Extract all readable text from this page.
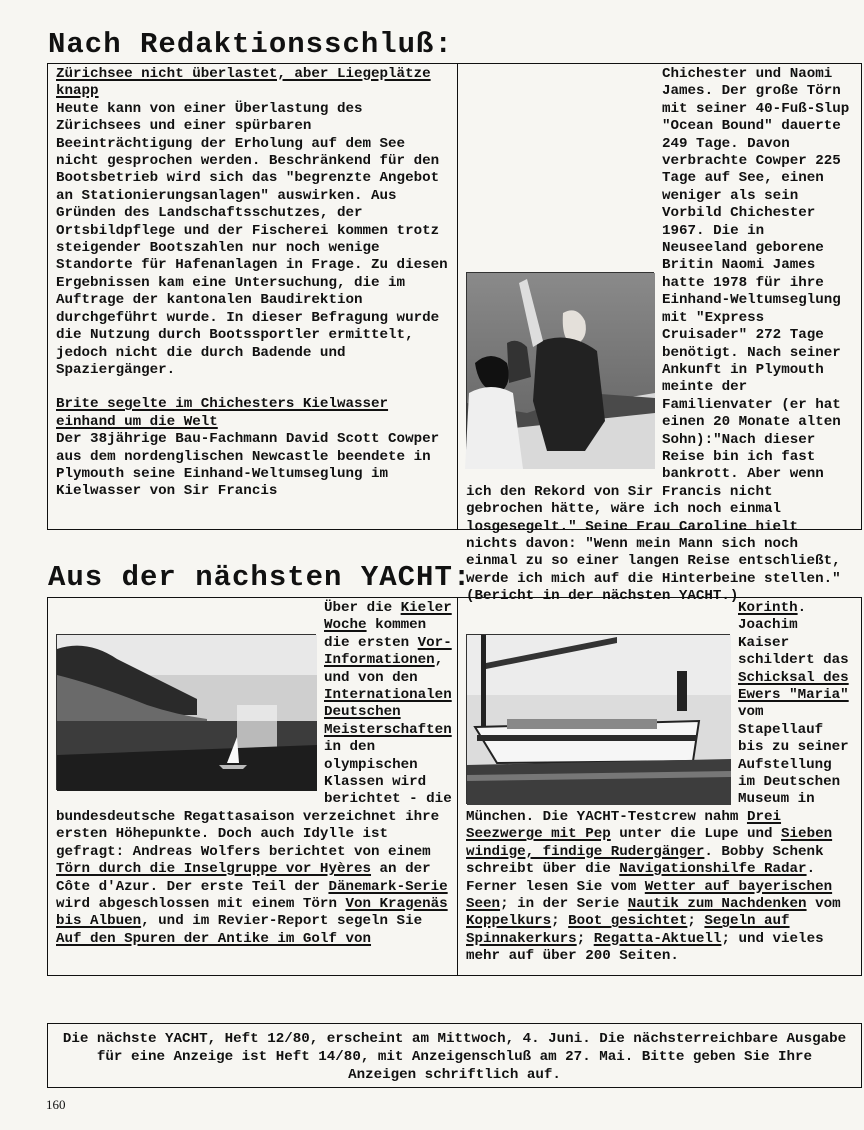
Nach Redaktionsschluß:

Zürichsee nicht überlastet, aber Liegeplätze knapp

Heute kann von einer Überlastung des Zürichsees und einer spürbaren Beeinträchtigung der Erholung auf dem See nicht gesprochen werden. Beschränkend für den Bootsbetrieb wird sich das "begrenzte Angebot an Stationierungsanlagen" auswirken. Aus Gründen des Landschaftsschutzes, der Ortsbildpflege und der Fischerei kommen trotz steigender Bootszahlen nur noch wenige Standorte für Hafenanlagen in Frage. Zu diesen Ergebnissen kam eine Untersuchung, die im Auftrage der kantonalen Baudirektion durchgeführt wurde. In dieser Befragung wurde die Nutzung durch Bootssportler ermittelt, jedoch nicht die durch Badende und Spaziergänger.

Brite segelte im Chichesters Kielwasser einhand um die Welt

Der 38jährige Bau-Fachmann David Scott Cowper aus dem nordenglischen Newcastle beendete in Plymouth seine Einhand-Weltumseglung im Kielwasser von Sir Francis

Chichester und Naomi James. Der große Törn mit seiner 40-Fuß-Slup "Ocean Bound" dauerte 249 Tage. Davon verbrachte Cowper 225 Tage auf See, einen weniger als sein Vorbild Chichester 1967. Die in Neuseeland geborene Britin Naomi James hatte 1978 für ihre Einhand-Weltumseglung mit "Express Cruisader" 272 Tage benötigt. Nach seiner Ankunft in Plymouth meinte der Familienvater (er hat einen 20 Monate alten Sohn):"Nach dieser Reise bin ich fast bankrott. Aber wenn ich den Rekord von Sir Francis nicht gebrochen hätte, wäre ich noch einmal losgesegelt." Seine Frau Caroline hielt nichts davon: "Wenn mein Mann sich noch einmal zu so einer langen Reise entschließt, werde ich mich auf die Hinterbeine stellen." (Bericht in der nächsten YACHT.)

Aus der nächsten YACHT:

Über die Kieler Woche kommen die ersten Vor-Informationen, und von den Internationalen Deutschen Meisterschaften in den olympischen Klassen wird berichtet - die bundesdeutsche Regattasaison verzeichnet ihre ersten Höhepunkte. Doch auch Idylle ist gefragt: Andreas Wolfers berichtet von einem Törn durch die Inselgruppe vor Hyères an der Côte d'Azur. Der erste Teil der Dänemark-Serie wird abgeschlossen mit einem Törn Von Kragenäs bis Albuen, und im Revier-Report segeln Sie Auf den Spuren der Antike im Golf von

Korinth. Joachim Kaiser schildert das Schicksal des Ewers "Maria" vom Stapellauf bis zu seiner Aufstellung im Deutschen Museum in München. Die YACHT-Testcrew nahm Drei Seezwerge mit Pep unter die Lupe und Sieben windige, findige Rudergänger. Bobby Schenk schreibt über die Navigationshilfe Radar. Ferner lesen Sie vom Wetter auf bayerischen Seen; in der Serie Nautik zum Nachdenken vom Koppelkurs; Boot gesichtet; Segeln auf Spinnakerkurs; Regatta-Aktuell; und vieles mehr auf über 200 Seiten.

Die nächste YACHT, Heft 12/80, erscheint am Mittwoch, 4. Juni. Die nächsterreichbare Ausgabe für eine Anzeige ist Heft 14/80, mit Anzeigenschluß am 27. Mai. Bitte geben Sie Ihre Anzeigen schriftlich auf.
160
